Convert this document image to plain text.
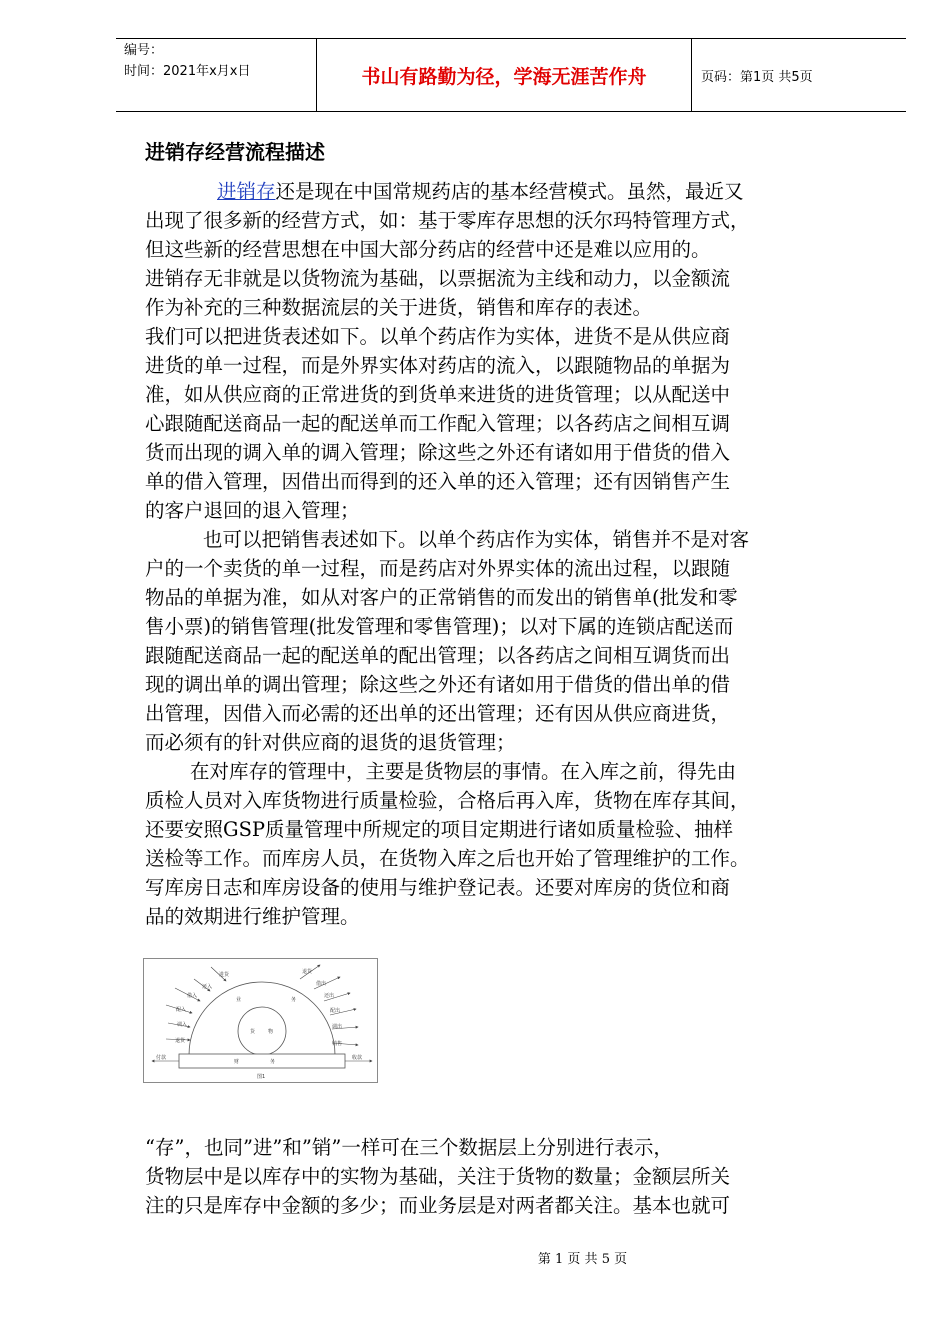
编号：
时间：2021年x月x日	书山有路勤为径，学海无涯苦作舟	页码：第1页 共5页
进销存经营流程描述
进销存还是现在中国常规药店的基本经营模式。虽然，最近又
出现了很多新的经营方式，如：基于零库存思想的沃尔玛特管理方式，
但这些新的经营思想在中国大部分药店的经营中还是难以应用的。
进销存无非就是以货物流为基础，以票据流为主线和动力，以金额流
作为补充的三种数据流层的关于进货，销售和库存的表述。
我们可以把进货表述如下。以单个药店作为实体，进货不是从供应商
进货的单一过程，而是外界实体对药店的流入，以跟随物品的单据为
准，如从供应商的正常进货的到货单来进货的进货管理；以从配送中
心跟随配送商品一起的配送单而工作配入管理；以各药店之间相互调
货而出现的调入单的调入管理；除这些之外还有诸如用于借货的借入
单的借入管理，因借出而得到的还入单的还入管理；还有因销售产生
的客户退回的退入管理；
也可以把销售表述如下。以单个药店作为实体，销售并不是对客
户的一个卖货的单一过程，而是药店对外界实体的流出过程，以跟随
物品的单据为准，如从对客户的正常销售的而发出的销售单(批发和零
售小票)的销售管理(批发管理和零售管理)；以对下属的连锁店配送而
跟随配送商品一起的配送单的配出管理；以各药店之间相互调货而出
现的调出单的调出管理；除这些之外还有诸如用于借货的借出单的借
出管理，因借入而必需的还出单的还出管理；还有因从供应商进货，
而必须有的针对供应商的退货的退货管理；
在对库存的管理中，主要是货物层的事情。在入库之前，得先由
质检人员对入库货物进行质量检验，合格后再入库，货物在库存其间，
还要安照GSP质量管理中所规定的项目定期进行诸如质量检验、抽样
送检等工作。而库房人员，在货物入库之后也开始了管理维护的工作。
写库房日志和库房设备的使用与维护登记表。还要对库房的货位和商
品的效期进行维护管理。
进货
还入
借入
配入
调入
退货
退货
借出
还出
配出
调出
销售
业	务
货	物
财	务
付款	收款
图1
“存”，也同”进”和”销”一样可在三个数据层上分别进行表示，
货物层中是以库存中的实物为基础，关注于货物的数量；金额层所关
注的只是库存中金额的多少；而业务层是对两者都关注。基本也就可
第 1 页 共 5 页
